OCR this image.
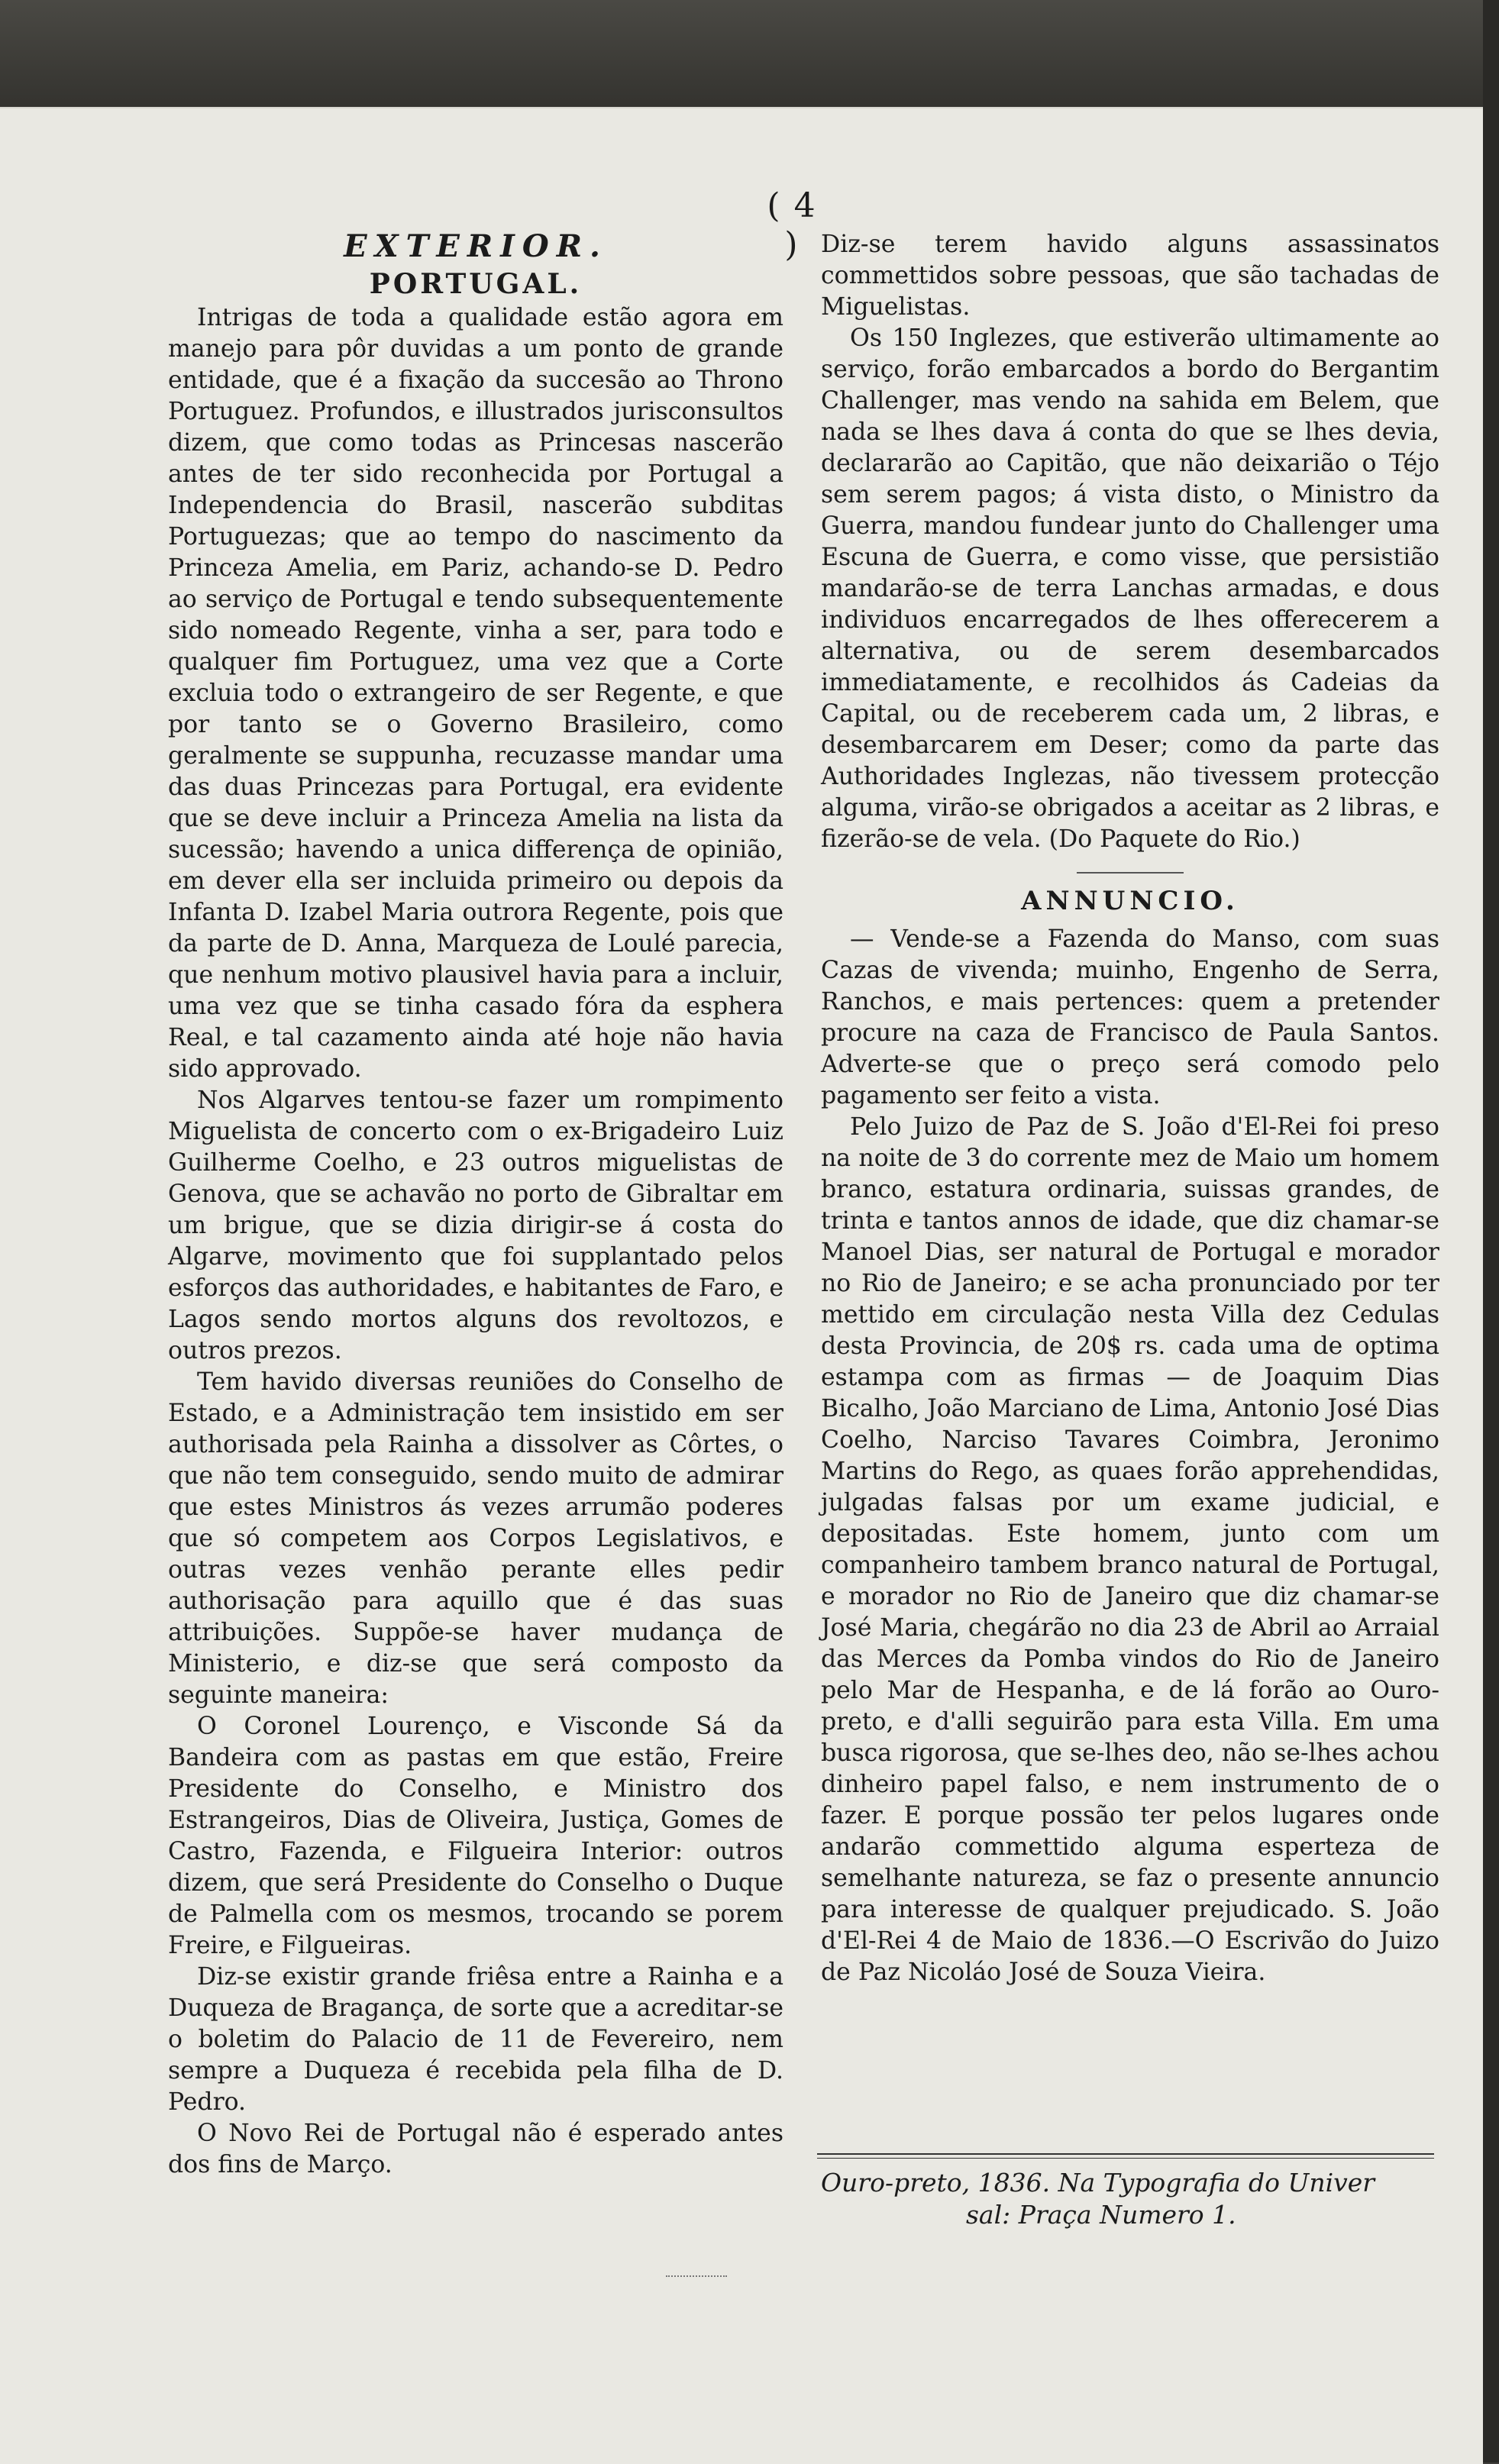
( 4 )
EXTERIOR.
PORTUGAL.

Intrigas de toda a qualidade estão agora em manejo para pôr duvidas a um ponto de grande entidade, que é a fixação da succesão ao Throno Portuguez. Profundos, e illustrados jurisconsultos dizem, que como todas as Princesas nascerão antes de ter sido reconhecida por Portugal a Independencia do Brasil, nascerão subditas Portuguezas; que ao tempo do nascimento da Princeza Amelia, em Pariz, achando-se D. Pedro ao serviço de Portugal e tendo subsequentemente sido nomeado Regente, vinha a ser, para todo e qualquer fim Portuguez, uma vez que a Corte excluia todo o extrangeiro de ser Regente, e que por tanto se o Governo Brasileiro, como geralmente se suppunha, recuzasse mandar uma das duas Princezas para Portugal, era evidente que se deve incluir a Princeza Amelia na lista da sucessão; havendo a unica differença de opinião, em dever ella ser incluida primeiro ou depois da Infanta D. Izabel Maria outrora Regente, pois que da parte de D. Anna, Marqueza de Loulé parecia, que nenhum motivo plausivel havia para a incluir, uma vez que se tinha casado fóra da esphera Real, e tal cazamento ainda até hoje não havia sido approvado.

Nos Algarves tentou-se fazer um rompimento Miguelista de concerto com o ex-Brigadeiro Luiz Guilherme Coelho, e 23 outros miguelistas de Genova, que se achavão no porto de Gibraltar em um brigue, que se dizia dirigir-se á costa do Algarve, movimento que foi supplantado pelos esforços das authoridades, e habitantes de Faro, e Lagos sendo mortos alguns dos revoltozos, e outros prezos.

Tem havido diversas reuniões do Conselho de Estado, e a Administração tem insistido em ser authorisada pela Rainha a dissolver as Côrtes, o que não tem conseguido, sendo muito de admirar que estes Ministros ás vezes arrumão poderes que só competem aos Corpos Legislativos, e outras vezes venhão perante elles pedir authorisação para aquillo que é das suas attribuições. Suppõe-se haver mudança de Ministerio, e diz-se que será composto da seguinte maneira:

O Coronel Lourenço, e Visconde Sá da Bandeira com as pastas em que estão, Freire Presidente do Conselho, e Ministro dos Estrangeiros, Dias de Oliveira, Justiça, Gomes de Castro, Fazenda, e Filgueira Interior: outros dizem, que será Presidente do Conselho o Duque de Palmella com os mesmos, trocando se porem Freire, e Filgueiras.

Diz-se existir grande friêsa entre a Rainha e a Duqueza de Bragança, de sorte que a acreditar-se o boletim do Palacio de 11 de Fevereiro, nem sempre a Duqueza é recebida pela filha de D. Pedro.

O Novo Rei de Portugal não é esperado antes dos fins de Março.

Diz-se terem havido alguns assassinatos commettidos sobre pessoas, que são tachadas de Miguelistas.

Os 150 Inglezes, que estiverão ultimamente ao serviço, forão embarcados a bordo do Bergantim Challenger, mas vendo na sahida em Belem, que nada se lhes dava á conta do que se lhes devia, declararão ao Capitão, que não deixarião o Téjo sem serem pagos; á vista disto, o Ministro da Guerra, mandou fundear junto do Challenger uma Escuna de Guerra, e como visse, que persistião mandarão-se de terra Lanchas armadas, e dous individuos encarregados de lhes offerecerem a alternativa, ou de serem desembarcados immediatamente, e recolhidos ás Cadeias da Capital, ou de receberem cada um, 2 libras, e desembarcarem em Deser; como da parte das Authoridades Inglezas, não tivessem protecção alguma, virão-se obrigados a aceitar as 2 libras, e fizerão-se de vela. (Do Paquete do Rio.)

ANNUNCIO.

— Vende-se a Fazenda do Manso, com suas Cazas de vivenda; muinho, Engenho de Serra, Ranchos, e mais pertences: quem a pretender procure na caza de Francisco de Paula Santos. Adverte-se que o preço será comodo pelo pagamento ser feito a vista.

Pelo Juizo de Paz de S. João d'El-Rei foi preso na noite de 3 do corrente mez de Maio um homem branco, estatura ordinaria, suissas grandes, de trinta e tantos annos de idade, que diz chamar-se Manoel Dias, ser natural de Portugal e morador no Rio de Janeiro; e se acha pronunciado por ter mettido em circulação nesta Villa dez Cedulas desta Provincia, de 20$ rs. cada uma de optima estampa com as firmas — de Joaquim Dias Bicalho, João Marciano de Lima, Antonio José Dias Coelho, Narciso Tavares Coimbra, Jeronimo Martins do Rego, as quaes forão apprehendidas, julgadas falsas por um exame judicial, e depositadas. Este homem, junto com um companheiro tambem branco natural de Portugal, e morador no Rio de Janeiro que diz chamar-se José Maria, chegárão no dia 23 de Abril ao Arraial das Merces da Pomba vindos do Rio de Janeiro pelo Mar de Hespanha, e de lá forão ao Ouro-preto, e d'alli seguirão para esta Villa. Em uma busca rigorosa, que se-lhes deo, não se-lhes achou dinheiro papel falso, e nem instrumento de o fazer. E porque possão ter pelos lugares onde andarão commettido alguma esperteza de semelhante natureza, se faz o presente annuncio para interesse de qualquer prejudicado. S. João d'El-Rei 4 de Maio de 1836.—O Escrivão do Juizo de Paz Nicoláo José de Souza Vieira.

Ouro-preto, 1836. Na Typografia do Univer
sal: Praça Numero 1.
